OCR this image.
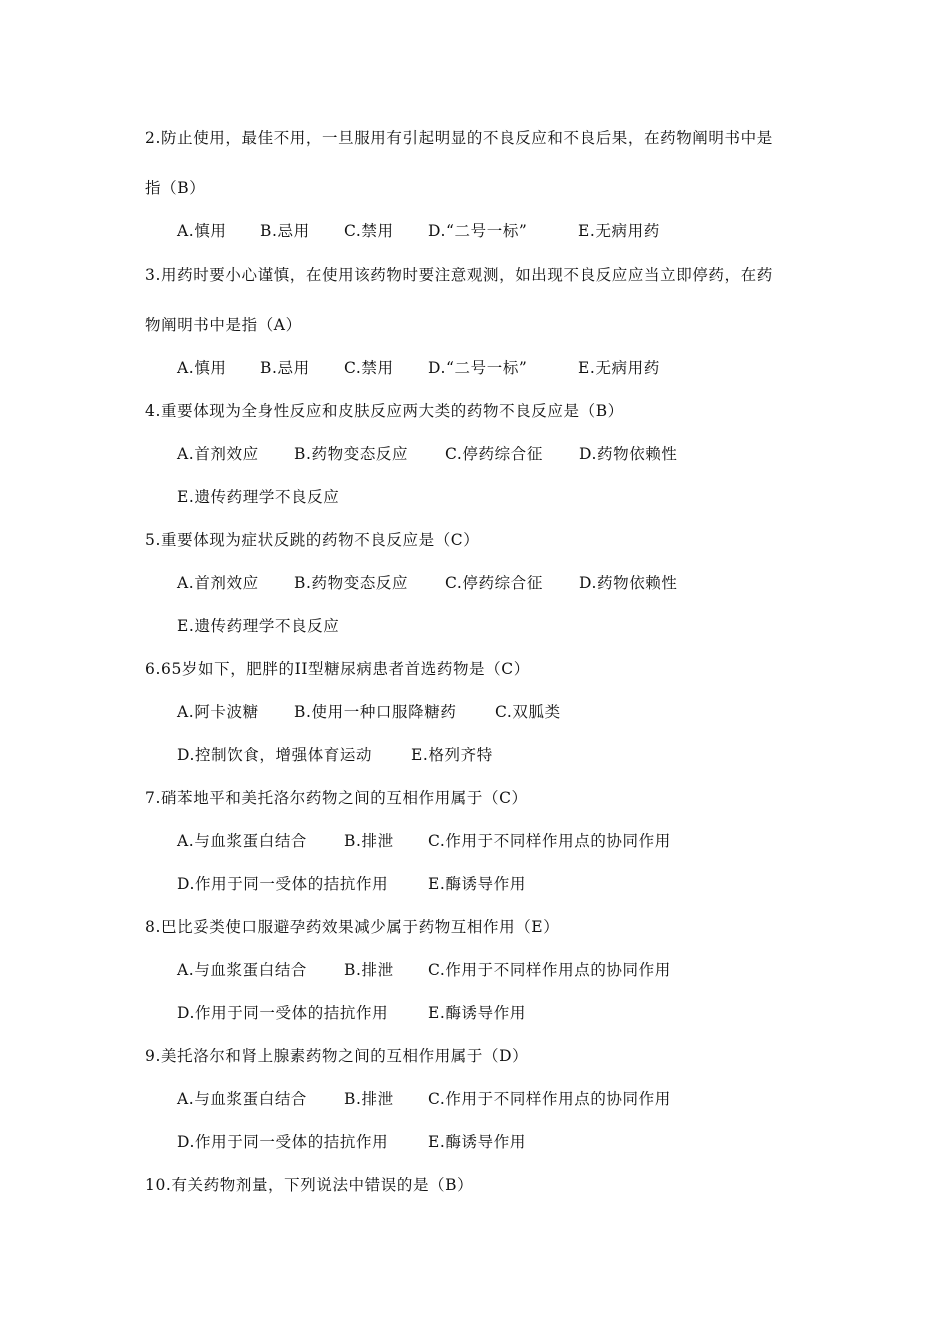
2.防止使用，最佳不用，一旦服用有引起明显的不良反应和不良后果，在药物阐明书中是
指（B）
A.慎用 B.忌用 C.禁用 D.“二号一标”	E.无病用药
3.用药时要小心谨慎，在使用该药物时要注意观测，如出现不良反应应当立即停药，在药
物阐明书中是指（A）
A.慎用 B.忌用 C.禁用 D.“二号一标”	E.无病用药
4.重要体现为全身性反应和皮肤反应两大类的药物不良反应是（B）
A.首剂效应 B.药物变态反应 C.停药综合征 D.药物依赖性
E.遗传药理学不良反应
5.重要体现为症状反跳的药物不良反应是（C）
A.首剂效应 B.药物变态反应 C.停药综合征 D.药物依赖性
E.遗传药理学不良反应
6.65岁如下，肥胖的II型糖尿病患者首选药物是（C）
A.阿卡波糖 B.使用一种口服降糖药 C.双胍类
D.控制饮食，增强体育运动	E.格列齐特
7.硝苯地平和美托洛尔药物之间的互相作用属于（C）
A.与血浆蛋白结合 B.排泄 C.作用于不同样作用点的协同作用
D.作用于同一受体的拮抗作用	E.酶诱导作用
8.巴比妥类使口服避孕药效果减少属于药物互相作用（E）
A.与血浆蛋白结合 B.排泄 C.作用于不同样作用点的协同作用
D.作用于同一受体的拮抗作用	E.酶诱导作用
9.美托洛尔和肾上腺素药物之间的互相作用属于（D）
A.与血浆蛋白结合 B.排泄 C.作用于不同样作用点的协同作用
D.作用于同一受体的拮抗作用	E.酶诱导作用
10.有关药物剂量，下列说法中错误的是（B）
